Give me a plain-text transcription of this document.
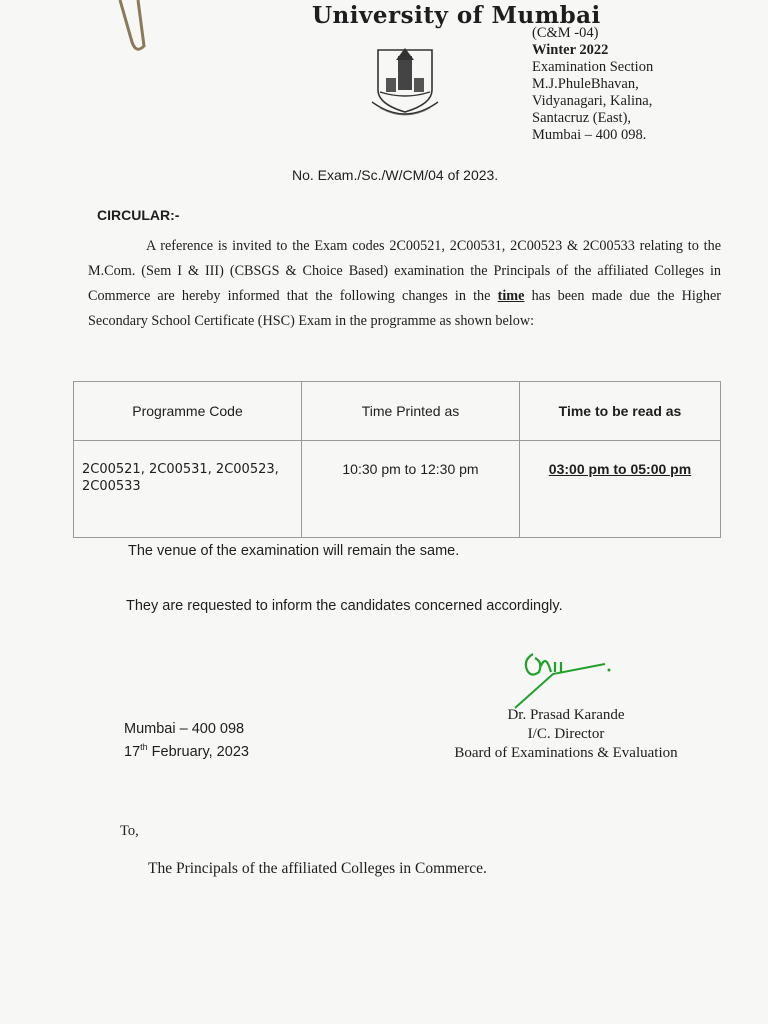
University of Mumbai
(C&M -04)
Winter 2022
Examination Section
M.J.PhuleBhavan,
Vidyanagari, Kalina,
Santacruz (East),
Mumbai – 400 098.
No. Exam./Sc./W/CM/04 of 2023.
CIRCULAR:-
A reference is invited to the Exam codes 2C00521, 2C00531, 2C00523 & 2C00533 relating to the M.Com. (Sem I & III) (CBSGS & Choice Based) examination the Principals of the affiliated Colleges in Commerce are hereby informed that the following changes in the time has been made due the Higher Secondary School Certificate (HSC) Exam in the programme as shown below:
Programme Code	Time Printed as	Time to be read as
2C00521, 2C00531, 2C00523, 2C00533	10:30 pm to 12:30 pm	03:00 pm to 05:00 pm
The venue of the examination will remain the same.
They are requested to inform the candidates concerned accordingly.
Mumbai – 400 098
17th February, 2023
Dr. Prasad Karande
I/C. Director
Board of Examinations & Evaluation
To,
The Principals of the affiliated Colleges in Commerce.
